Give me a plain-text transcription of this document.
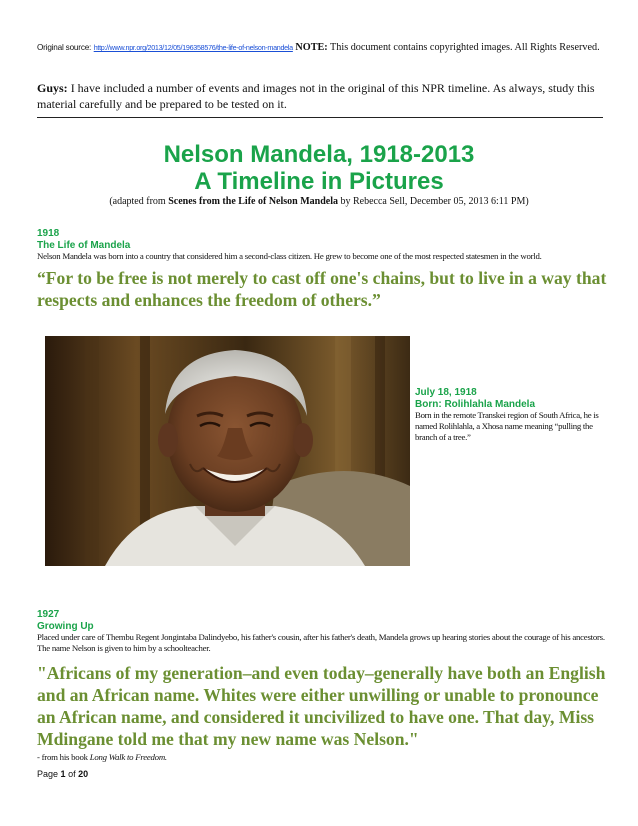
Original source: http://www.npr.org/2013/12/05/196358576/the-life-of-nelson-mandela NOTE: This document contains copyrighted images. All Rights Reserved.
Guys: I have included a number of events and images not in the original of this NPR timeline. As always, study this material carefully and be prepared to be tested on it.
Nelson Mandela, 1918-2013
A Timeline in Pictures
(adapted from Scenes from the Life of Nelson Mandela by Rebecca Sell, December 05, 2013 6:11 PM)
1918
The Life of Mandela
Nelson Mandela was born into a country that considered him a second-class citizen. He grew to become one of the most respected statesmen in the world.
“For to be free is not merely to cast off one's chains, but to live in a way that respects and enhances the freedom of others.”
July 18, 1918
Born: Rolihlahla Mandela
Born in the remote Transkei region of South Africa, he is named Rolihlahla, a Xhosa name meaning “pulling the branch of a tree.”
1927
Growing Up
Placed under care of Thembu Regent Jongintaba Dalindyebo, his father's cousin, after his father's death, Mandela grows up hearing stories about the courage of his ancestors. The name Nelson is given to him by a schoolteacher.
"Africans of my generation–and even today–generally have both an English and an African name. Whites were either unwilling or unable to pronounce an African name, and considered it uncivilized to have one. That day, Miss Mdingane told me that my new name was Nelson."
- from his book Long Walk to Freedom.
Page 1 of 20
